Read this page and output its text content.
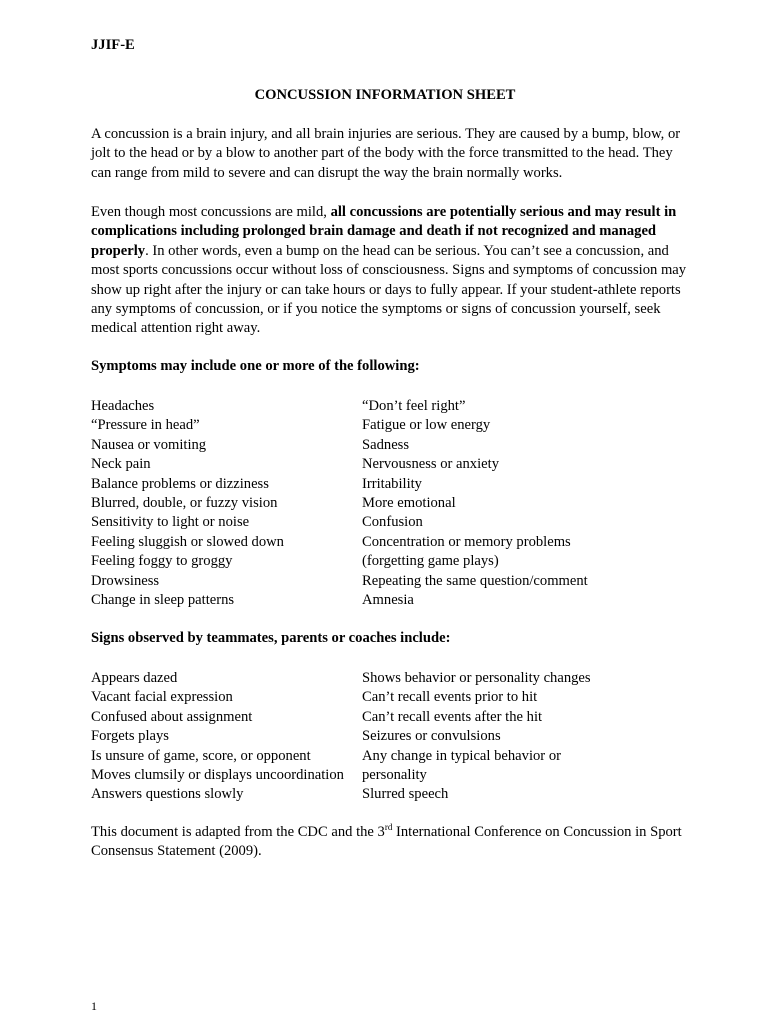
JJIF-E
CONCUSSION INFORMATION SHEET

A concussion is a brain injury, and all brain injuries are serious. They are caused by a bump, blow, or jolt to the head or by a blow to another part of the body with the force transmitted to the head. They can range from mild to severe and can disrupt the way the brain normally works.

Even though most concussions are mild, all concussions are potentially serious and may result in complications including prolonged brain damage and death if not recognized and managed properly. In other words, even a bump on the head can be serious. You can’t see a concussion, and most sports concussions occur without loss of consciousness. Signs and symptoms of concussion may show up right after the injury or can take hours or days to fully appear. If your student-athlete reports any symptoms of concussion, or if you notice the symptoms or signs of concussion yourself, seek medical attention right away.

Symptoms may include one or more of the following:
Headaches
“Pressure in head”
Nausea or vomiting
Neck pain
Balance problems or dizziness
Blurred, double, or fuzzy vision
Sensitivity to light or noise
Feeling sluggish or slowed down
Feeling foggy to groggy
Drowsiness
Change in sleep patterns
“Don’t feel right”
Fatigue or low energy
Sadness
Nervousness or anxiety
Irritability
More emotional
Confusion
Concentration or memory problems
(forgetting game plays)
Repeating the same question/comment
Amnesia
Signs observed by teammates, parents or coaches include:
Appears dazed
Vacant facial expression
Confused about assignment
Forgets plays
Is unsure of game, score, or opponent
Moves clumsily or displays uncoordination
Answers questions slowly
Shows behavior or personality changes
Can’t recall events prior to hit
Can’t recall events after the hit
Seizures or convulsions
Any change in typical behavior or
personality
Slurred speech

This document is adapted from the CDC and the 3rd International Conference on Concussion in Sport Consensus Statement (2009).

1
